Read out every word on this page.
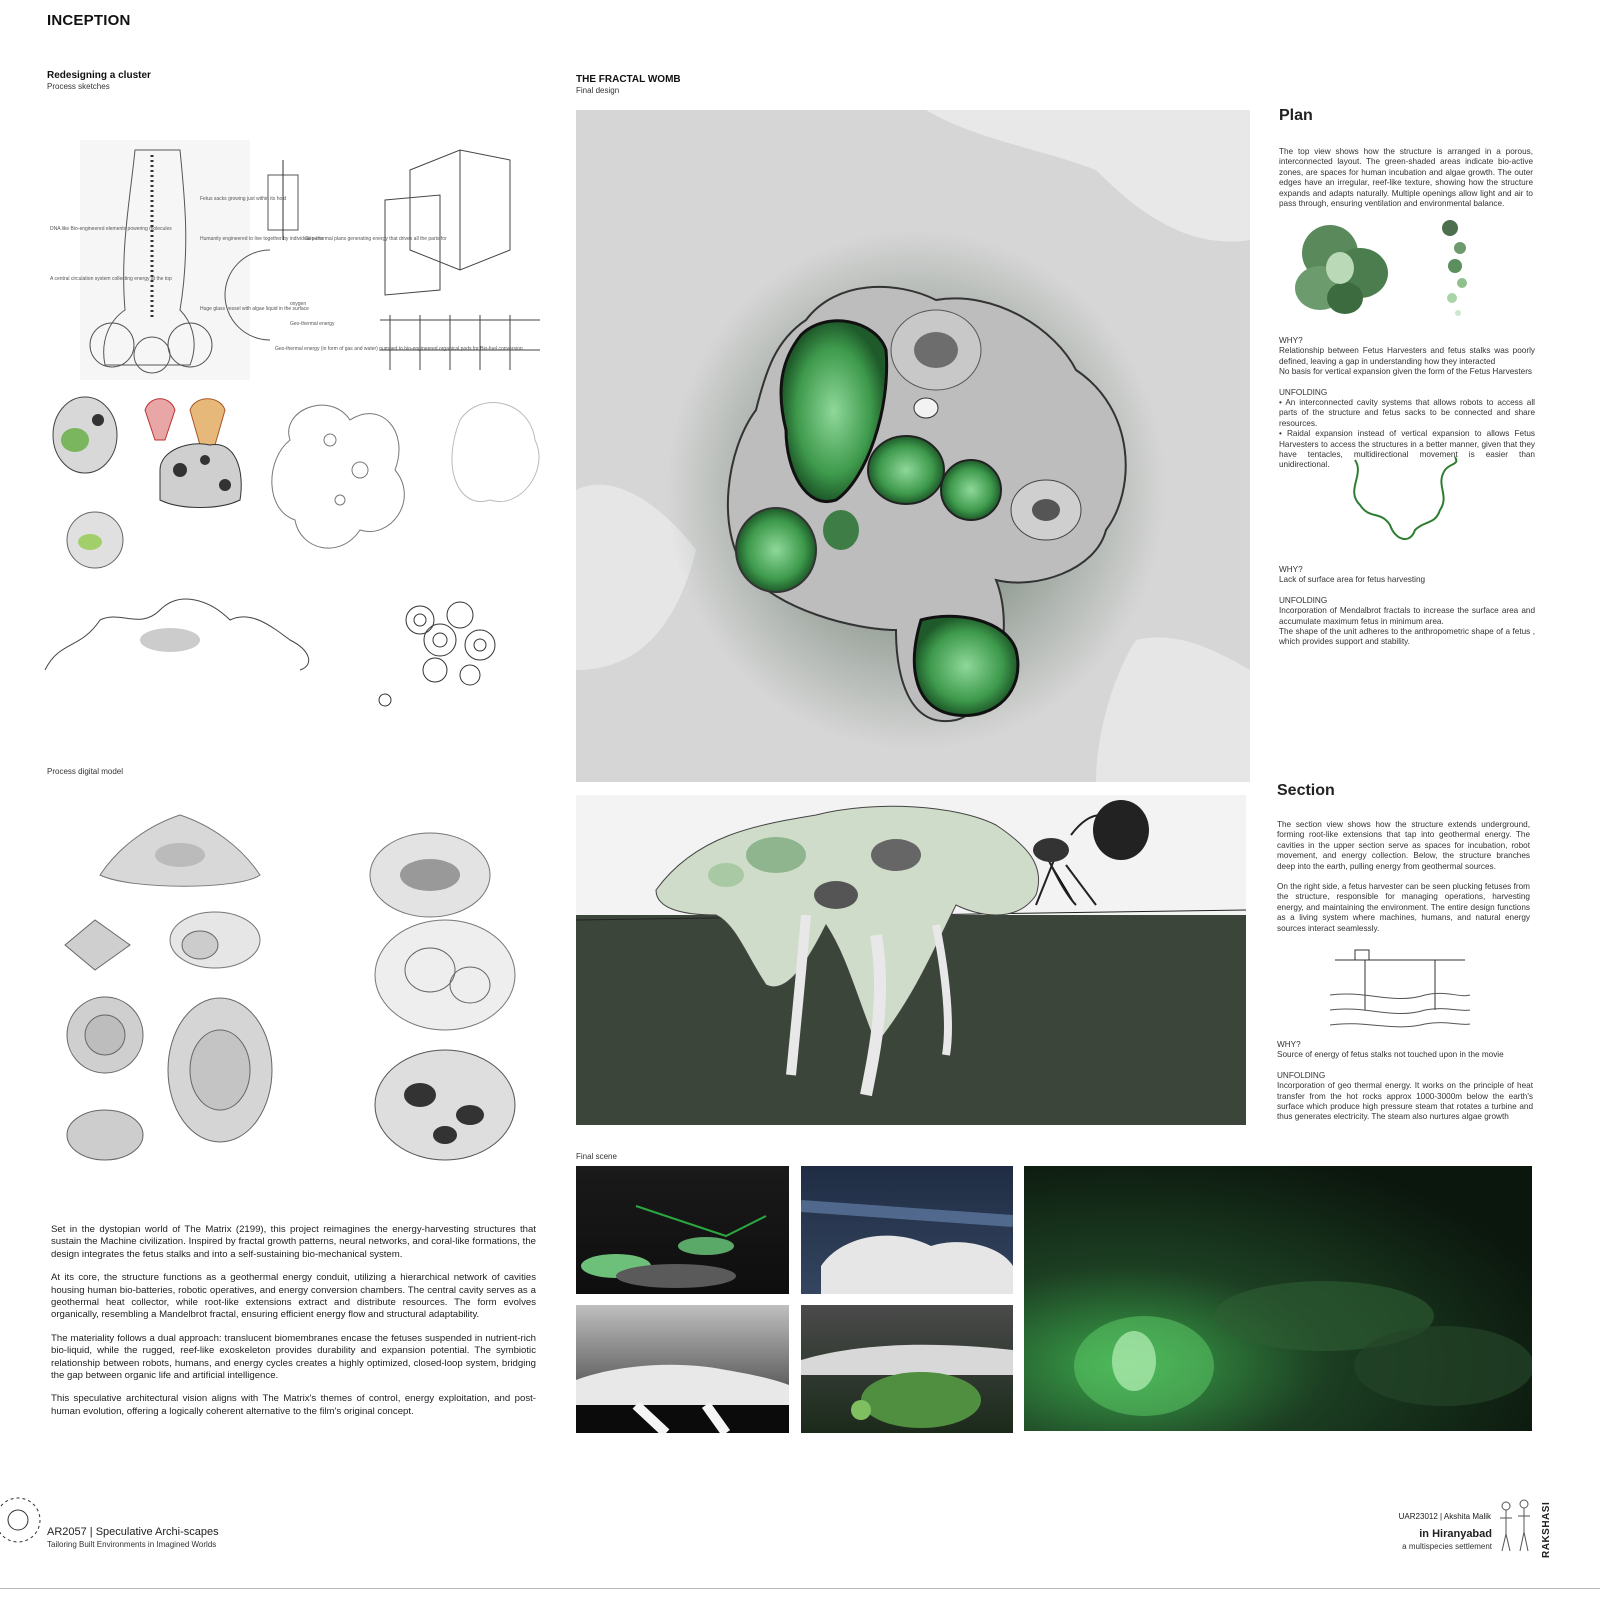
INCEPTION
Redesigning a cluster
Process sketches
DNA like Bio-engineered elements powering molecules
A central circulation system collecting energy at the top
Fetus sacks growing just within its hold
Humanity engineered to live together by individual parts
Geo-thermal plans generating energy that drives all the parts for
oxygen
Geo-thermal energy
Huge glass vessel with algae liquid in the surface
Geo-thermal energy (in form of gas and water) pumped to bio-engineered organical pods for Bio-fuel conversion
THE FRACTAL WOMB
Final design
Plan
The top view shows how the structure is arranged in a porous, interconnected layout. The green-shaded areas indicate bio-active zones, are spaces for human incubation and algae growth. The outer edges have an irregular, reef-like texture, showing how the structure expands and adapts naturally. Multiple openings allow light and air to pass through, ensuring ventilation and environmental balance.

WHY?

Relationship between Fetus Harvesters and fetus stalks was poorly defined, leaving a gap in understanding how they interacted

No basis for vertical expansion given the form of the Fetus Harvesters

UNFOLDING

• An interconnected cavity systems that allows robots to access all parts of the structure and fetus sacks to be connected and share resources.

• Raidal expansion instead of vertical expansion to allows Fetus Harvesters to access the structures in a better manner, given that they have tentacles, multidirectional movement is easier than unidirectional.

WHY?

Lack of surface area for fetus harvesting

UNFOLDING

Incorporation of Mendalbrot fractals to increase the surface area and accumulate maximum fetus in minimum area.

The shape of the unit adheres to the anthropometric shape of a fetus , which provides support and stability.

Process digital model
Section
The section view shows how the structure extends underground, forming root-like extensions that tap into geothermal energy. The cavities in the upper section serve as spaces for incubation, robot movement, and energy collection. Below, the structure branches deep into the earth, pulling energy from geothermal sources.
On the right side, a fetus harvester can be seen plucking fetuses from the structure, responsible for managing operations, harvesting energy, and maintaining the environment. The entire design functions as a living system where machines, humans, and natural energy sources interact seamlessly.

WHY?

Source of energy of fetus stalks not touched upon in the movie

UNFOLDING

Incorporation of geo thermal energy. It works on the principle of heat transfer from the hot rocks approx 1000-3000m below the earth's surface which produce high pressure steam that rotates a turbine and thus generates electricity. The steam also nurtures algae growth

Final scene

Set in the dystopian world of The Matrix (2199), this project reimagines the energy-harvesting structures that sustain the Machine civilization. Inspired by fractal growth patterns, neural networks, and coral-like formations, the design integrates the fetus stalks and into a self-sustaining bio-mechanical system.

At its core, the structure functions as a geothermal energy conduit, utilizing a hierarchical network of cavities housing human bio-batteries, robotic operatives, and energy conversion chambers. The central cavity serves as a geothermal heat collector, while root-like extensions extract and distribute resources. The form evolves organically, resembling a Mandelbrot fractal, ensuring efficient energy flow and structural adaptability.

The materiality follows a dual approach: translucent biomembranes encase the fetuses suspended in nutrient-rich bio-liquid, while the rugged, reef-like exoskeleton provides durability and expansion potential. The symbiotic relationship between robots, humans, and energy cycles creates a highly optimized, closed-loop system, bridging the gap between organic life and artificial intelligence.

This speculative architectural vision aligns with The Matrix's themes of control, energy exploitation, and post-human evolution, offering a logically coherent alternative to the film's original concept.

AR2057 | Speculative Archi-scapes
Tailoring Built Environments in Imagined Worlds
UAR23012 | Akshita Malik
in Hiranyabad
a multispecies settlement	RAKSHASI
